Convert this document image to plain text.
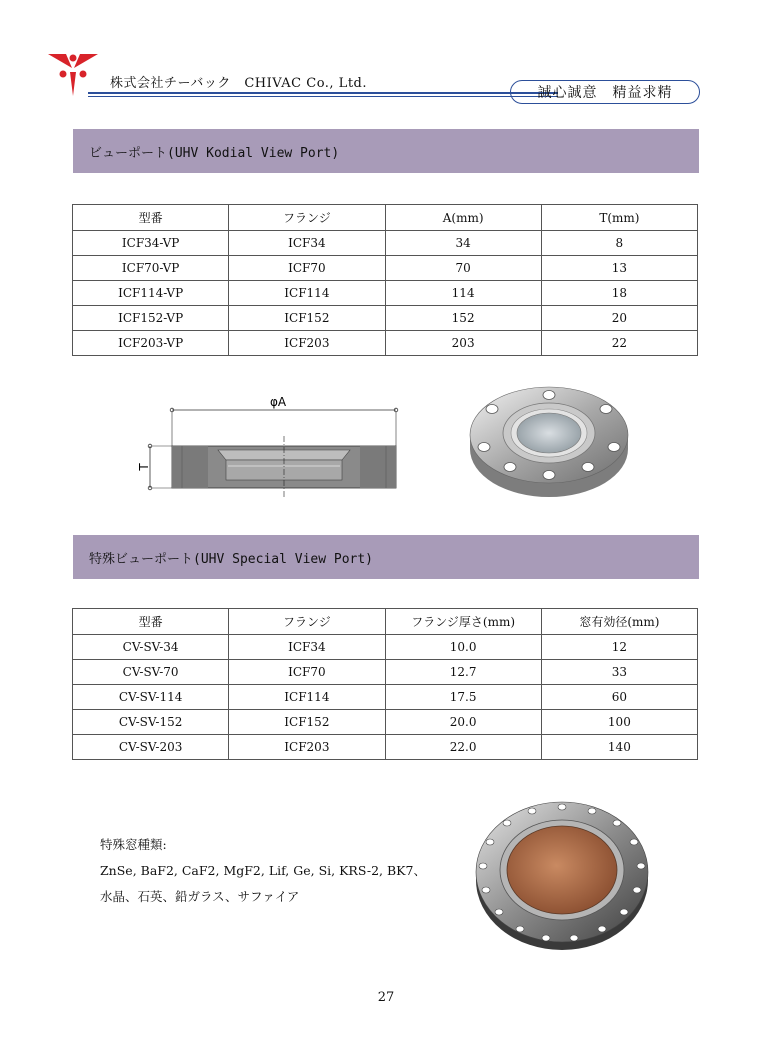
株式会社チーバック　CHIVAC Co., Ltd.
誠心誠意　精益求精
ビューポート(UHV Kodial View Port)
型番	フランジ	A(mm)	T(mm)
ICF34-VP	ICF34	34	8
ICF70-VP	ICF70	70	13
ICF114-VP	ICF114	114	18
ICF152-VP	ICF152	152	20
ICF203-VP	ICF203	203	22
φA
T
特殊ビューポート(UHV Special View Port)
型番	フランジ	フランジ厚さ(mm)	窓有効径(mm)
CV-SV-34	ICF34	10.0	12
CV-SV-70	ICF70	12.7	33
CV-SV-114	ICF114	17.5	60
CV-SV-152	ICF152	20.0	100
CV-SV-203	ICF203	22.0	140
特殊窓種類:
ZnSe, BaF2, CaF2, MgF2, Lif, Ge, Si, KRS-2, BK7、
水晶、石英、鉛ガラス、サファイア
27
